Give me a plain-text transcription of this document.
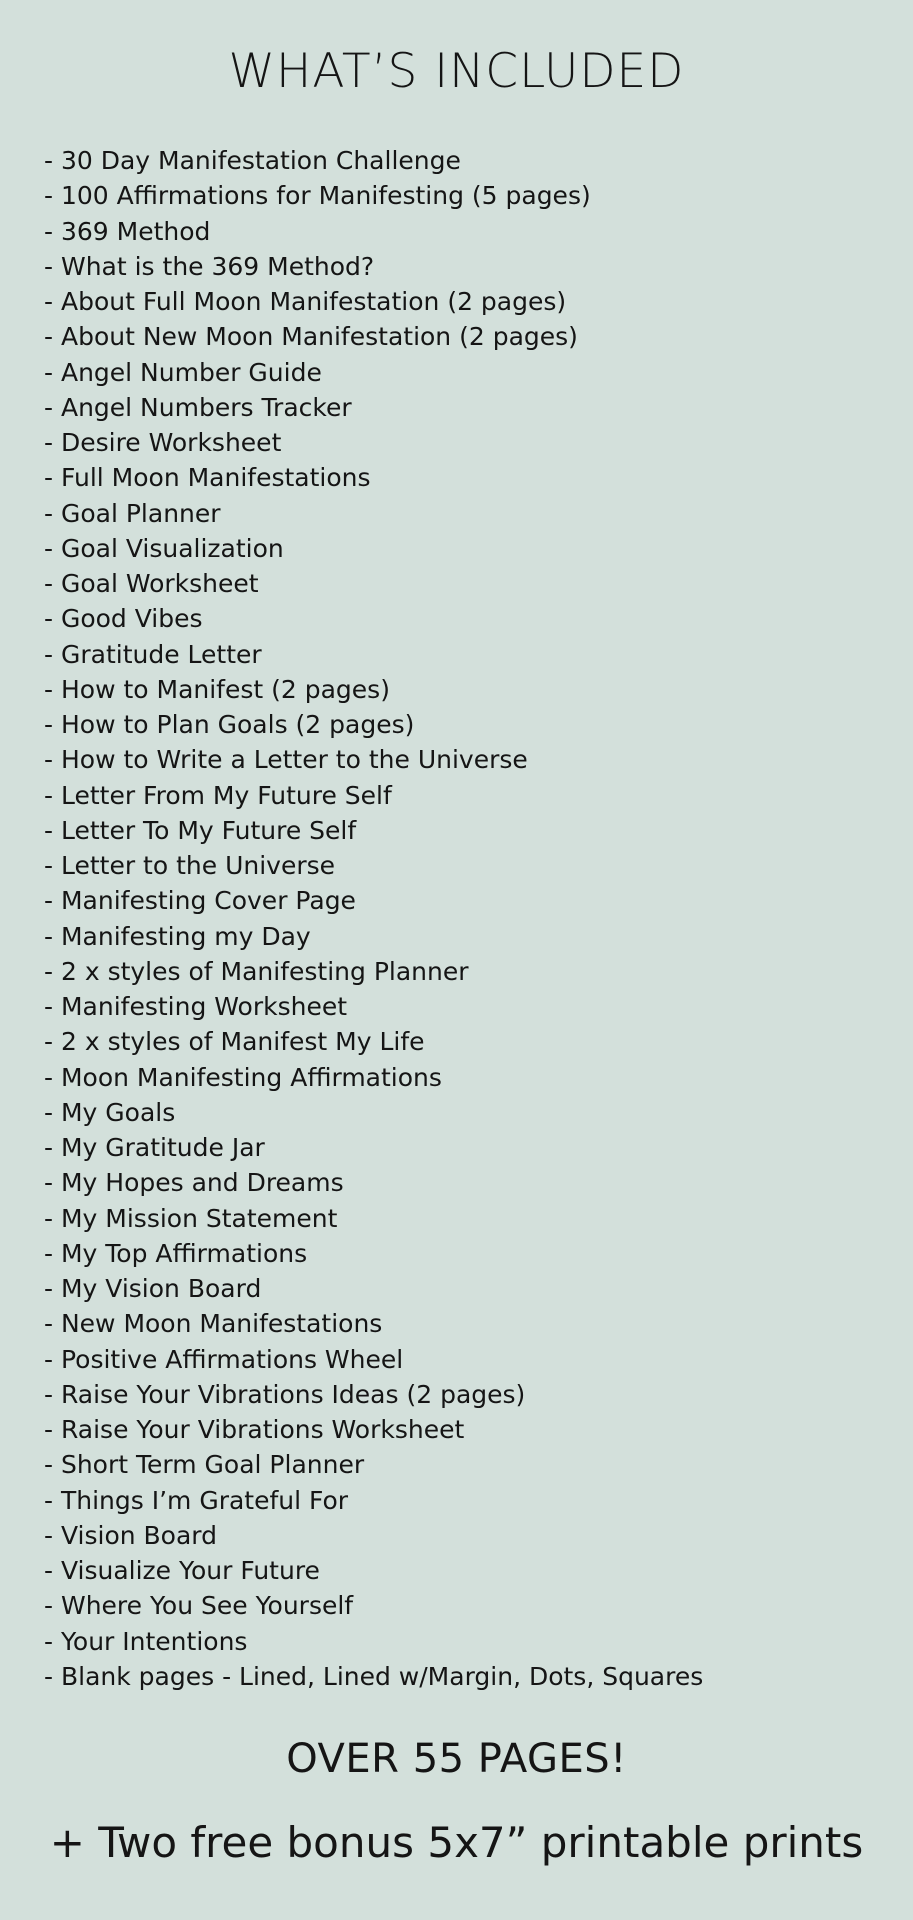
WHAT’S INCLUDED
- 30 Day Manifestation Challenge
- 100 Affirmations for Manifesting (5 pages)
- 369 Method
- What is the 369 Method?
- About Full Moon Manifestation (2 pages)
- About New Moon Manifestation (2 pages)
- Angel Number Guide
- Angel Numbers Tracker
- Desire Worksheet
- Full Moon Manifestations
- Goal Planner
- Goal Visualization
- Goal Worksheet
- Good Vibes
- Gratitude Letter
- How to Manifest (2 pages)
- How to Plan Goals (2 pages)
- How to Write a Letter to the Universe
- Letter From My Future Self
- Letter To My Future Self
- Letter to the Universe
- Manifesting Cover Page
- Manifesting my Day
- 2 x styles of Manifesting Planner
- Manifesting Worksheet
- 2 x styles of Manifest My Life
- Moon Manifesting Affirmations
- My Goals
- My Gratitude Jar
- My Hopes and Dreams
- My Mission Statement
- My Top Affirmations
- My Vision Board
- New Moon Manifestations
- Positive Affirmations Wheel
- Raise Your Vibrations Ideas (2 pages)
- Raise Your Vibrations Worksheet
- Short Term Goal Planner
- Things I’m Grateful For
- Vision Board
- Visualize Your Future
- Where You See Yourself
- Your Intentions
- Blank pages - Lined, Lined w/Margin, Dots, Squares
OVER 55 PAGES!
+ Two free bonus 5x7” printable prints
